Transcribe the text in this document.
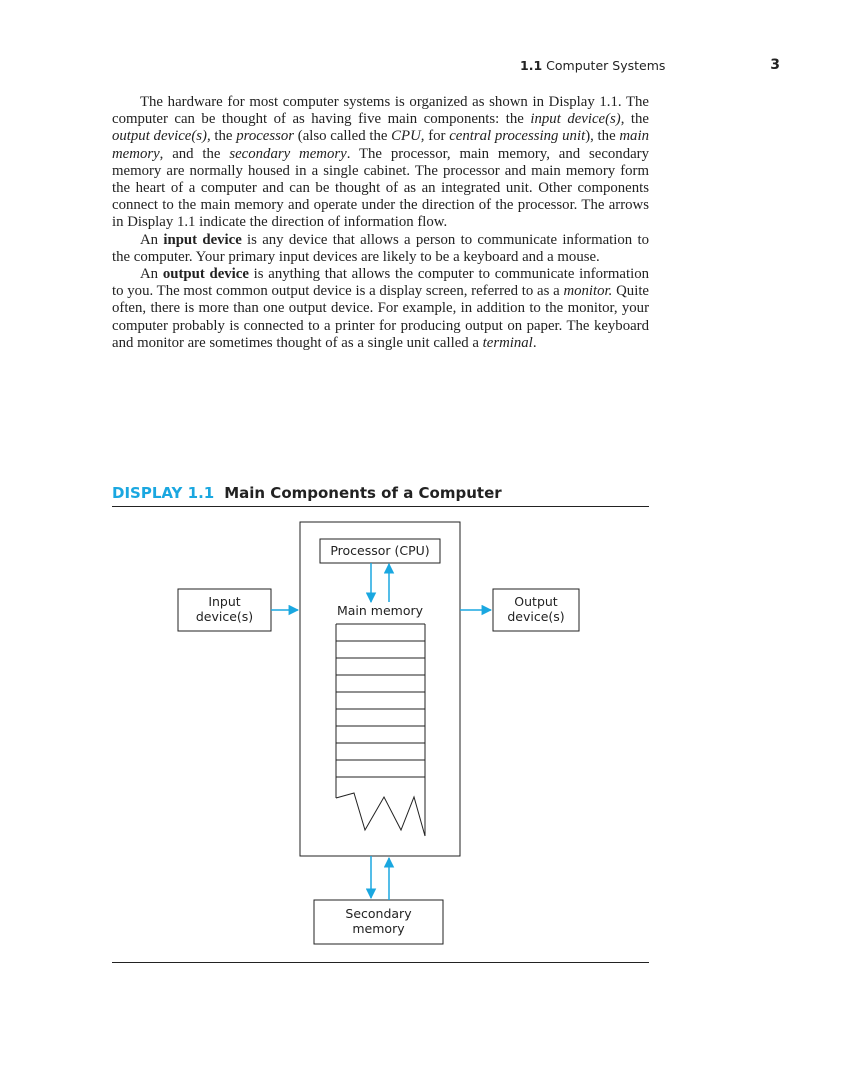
1.1 Computer Systems	3

The hardware for most computer systems is organized as shown in Display 1.1. The computer can be thought of as having five main components: the input device(s), the output device(s), the processor (also called the CPU, for central processing unit), the main memory, and the secondary memory. The processor, main memory, and secondary memory are normally housed in a single cabinet. The processor and main memory form the heart of a computer and can be thought of as an integrated unit. Other components connect to the main memory and operate under the direction of the processor. The arrows in Display 1.1 indicate the direction of information flow.

An input device is any device that allows a person to communicate information to the computer. Your primary input devices are likely to be a keyboard and a mouse.

An output device is anything that allows the computer to communicate information to you. The most common output device is a display screen, referred to as a monitor. Quite often, there is more than one output device. For example, in addition to the monitor, your computer probably is connected to a printer for producing output on paper. The keyboard and monitor are sometimes thought of as a single unit called a terminal.

DISPLAY 1.1 Main Components of a Computer
Processor (CPU)
Main memory
Input
device(s)
Output
device(s)
Secondary
memory
